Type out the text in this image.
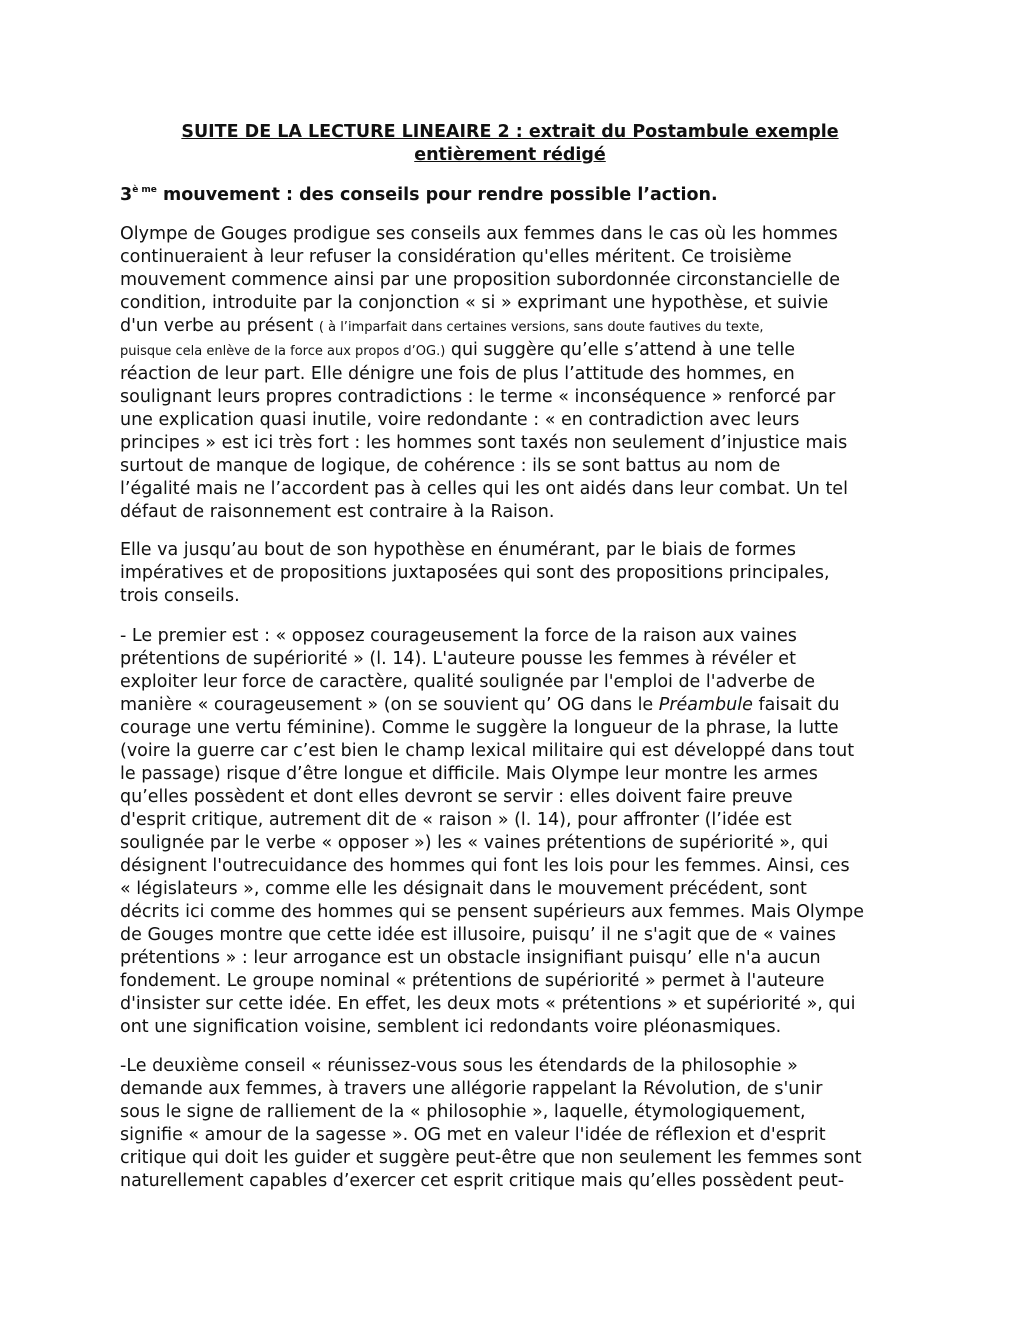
SUITE DE LA LECTURE LINEAIRE 2 : extrait du Postambule exemple
entièrement rédigé

$3^{è me}$ mouvement : des conseils pour rendre possible l’action.

Olympe de Gouges prodigue ses conseils aux femmes dans le cas où les hommes
continueraient à leur refuser la considération qu'elles méritent. Ce troisième
mouvement commence ainsi par une proposition subordonnée circonstancielle de
condition, introduite par la conjonction « si » exprimant une hypothèse, et suivie
d'un verbe au présent ( à l’imparfait dans certaines versions, sans doute fautives du texte,
puisque cela enlève de la force aux propos d’OG.) qui suggère qu’elle s’attend à une telle
réaction de leur part. Elle dénigre une fois de plus l’attitude des hommes, en
soulignant leurs propres contradictions : le terme « inconséquence » renforcé par
une explication quasi inutile, voire redondante : « en contradiction avec leurs
principes » est ici très fort : les hommes sont taxés non seulement d’injustice mais
surtout de manque de logique, de cohérence : ils se sont battus au nom de
l’égalité mais ne l’accordent pas à celles qui les ont aidés dans leur combat. Un tel
défaut de raisonnement est contraire à la Raison.
Elle va jusqu’au bout de son hypothèse en énumérant, par le biais de formes
impératives et de propositions juxtaposées qui sont des propositions principales,
trois conseils.
- Le premier est : « opposez courageusement la force de la raison aux vaines
prétentions de supériorité » (l. 14). L'auteure pousse les femmes à révéler et
exploiter leur force de caractère, qualité soulignée par l'emploi de l'adverbe de
manière « courageusement » (on se souvient qu’ OG dans le Préambule faisait du
courage une vertu féminine). Comme le suggère la longueur de la phrase, la lutte
(voire la guerre car c’est bien le champ lexical militaire qui est développé dans tout
le passage) risque d’être longue et difficile. Mais Olympe leur montre les armes
qu’elles possèdent et dont elles devront se servir : elles doivent faire preuve
d'esprit critique, autrement dit de « raison » (l. 14), pour affronter (l’idée est
soulignée par le verbe « opposer ») les « vaines prétentions de supériorité », qui
désignent l'outrecuidance des hommes qui font les lois pour les femmes. Ainsi, ces
« législateurs », comme elle les désignait dans le mouvement précédent, sont
décrits ici comme des hommes qui se pensent supérieurs aux femmes. Mais Olympe
de Gouges montre que cette idée est illusoire, puisqu’ il ne s'agit que de « vaines
prétentions » : leur arrogance est un obstacle insignifiant puisqu’ elle n'a aucun
fondement. Le groupe nominal « prétentions de supériorité » permet à l'auteure
d'insister sur cette idée. En effet, les deux mots « prétentions » et supériorité », qui
ont une signification voisine, semblent ici redondants voire pléonasmiques.
-Le deuxième conseil « réunissez-vous sous les étendards de la philosophie »
demande aux femmes, à travers une allégorie rappelant la Révolution, de s'unir
sous le signe de ralliement de la « philosophie », laquelle, étymologiquement,
signifie « amour de la sagesse ». OG met en valeur l'idée de réflexion et d'esprit
critique qui doit les guider et suggère peut-être que non seulement les femmes sont
naturellement capables d’exercer cet esprit critique mais qu’elles possèdent peut-
